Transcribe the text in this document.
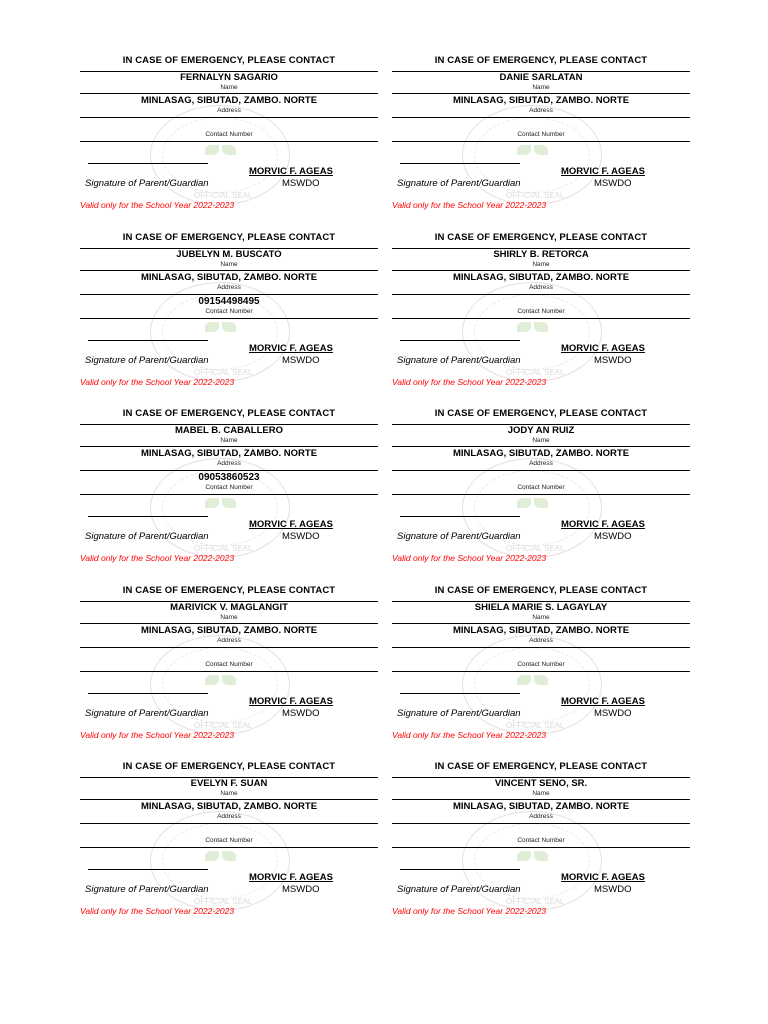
OFFICIAL SEAL
IN CASE OF EMERGENCY, PLEASE CONTACT
FERNALYN SAGARIO
Name
MINLASAG, SIBUTAD, ZAMBO. NORTE
Address
Contact Number
MORVIC F. AGEAS
Signature of Parent/Guardian	MSWDO
Valid only for the School Year 2022-2023
OFFICIAL SEAL
IN CASE OF EMERGENCY, PLEASE CONTACT
DANIE SARLATAN
Name
MINLASAG, SIBUTAD, ZAMBO. NORTE
Address
Contact Number
MORVIC F. AGEAS
Signature of Parent/Guardian	MSWDO
Valid only for the School Year 2022-2023
OFFICIAL SEAL
IN CASE OF EMERGENCY, PLEASE CONTACT
JUBELYN M. BUSCATO
Name
MINLASAG, SIBUTAD, ZAMBO. NORTE
Address
09154498495
Contact Number
MORVIC F. AGEAS
Signature of Parent/Guardian	MSWDO
Valid only for the School Year 2022-2023
OFFICIAL SEAL
IN CASE OF EMERGENCY, PLEASE CONTACT
SHIRLY B. RETORCA
Name
MINLASAG, SIBUTAD, ZAMBO. NORTE
Address
Contact Number
MORVIC F. AGEAS
Signature of Parent/Guardian	MSWDO
Valid only for the School Year 2022-2023
OFFICIAL SEAL
IN CASE OF EMERGENCY, PLEASE CONTACT
MABEL B. CABALLERO
Name
MINLASAG, SIBUTAD, ZAMBO. NORTE
Address
09053860523
Contact Number
MORVIC F. AGEAS
Signature of Parent/Guardian	MSWDO
Valid only for the School Year 2022-2023
OFFICIAL SEAL
IN CASE OF EMERGENCY, PLEASE CONTACT
JODY AN RUIZ
Name
MINLASAG, SIBUTAD, ZAMBO. NORTE
Address
Contact Number
MORVIC F. AGEAS
Signature of Parent/Guardian	MSWDO
Valid only for the School Year 2022-2023
OFFICIAL SEAL
IN CASE OF EMERGENCY, PLEASE CONTACT
MARIVICK V. MAGLANGIT
Name
MINLASAG, SIBUTAD, ZAMBO. NORTE
Address
Contact Number
MORVIC F. AGEAS
Signature of Parent/Guardian	MSWDO
Valid only for the School Year 2022-2023
OFFICIAL SEAL
IN CASE OF EMERGENCY, PLEASE CONTACT
SHIELA MARIE S. LAGAYLAY
Name
MINLASAG, SIBUTAD, ZAMBO. NORTE
Address
Contact Number
MORVIC F. AGEAS
Signature of Parent/Guardian	MSWDO
Valid only for the School Year 2022-2023
OFFICIAL SEAL
IN CASE OF EMERGENCY, PLEASE CONTACT
EVELYN F. SUAN
Name
MINLASAG, SIBUTAD, ZAMBO. NORTE
Address
Contact Number
MORVIC F. AGEAS
Signature of Parent/Guardian	MSWDO
Valid only for the School Year 2022-2023
OFFICIAL SEAL
IN CASE OF EMERGENCY, PLEASE CONTACT
VINCENT SENO, SR.
Name
MINLASAG, SIBUTAD, ZAMBO. NORTE
Address
Contact Number
MORVIC F. AGEAS
Signature of Parent/Guardian	MSWDO
Valid only for the School Year 2022-2023
